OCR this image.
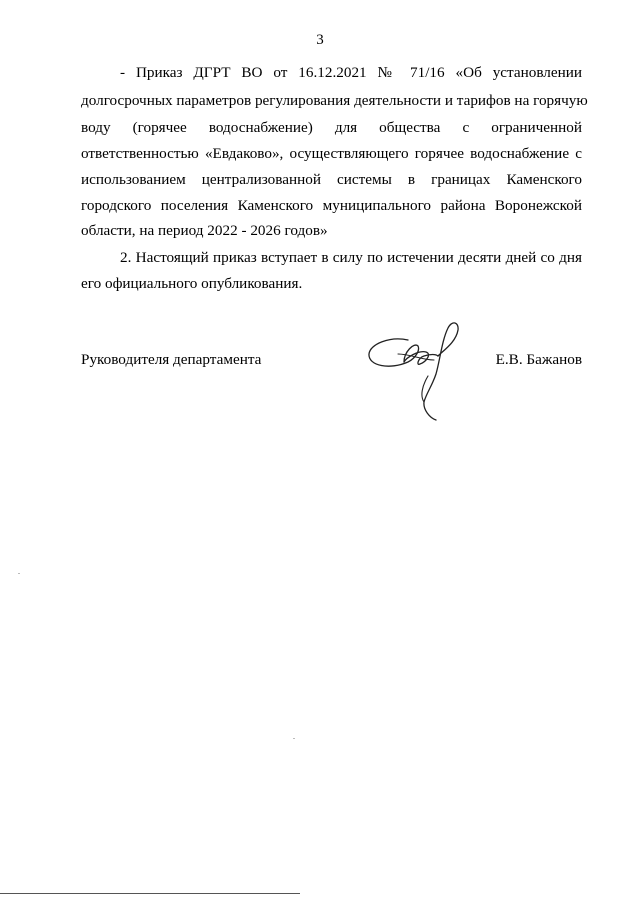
3
- Приказ ДГРТ ВО от 16.12.2021 № 71/16 «Об установлении
долгосрочных параметров регулирования деятельности и тарифов на горячую
воду (горячее водоснабжение) для общества с ограниченной
ответственностью «Евдаково», осуществляющего горячее водоснабжение с
использованием централизованной системы в границах Каменского
городского поселения Каменского муниципального района Воронежской
области, на период 2022 - 2026 годов»
2. Настоящий приказ вступает в силу по истечении десяти дней со дня
его официального опубликования.
Руководителя департамента	Е.В. Бажанов
